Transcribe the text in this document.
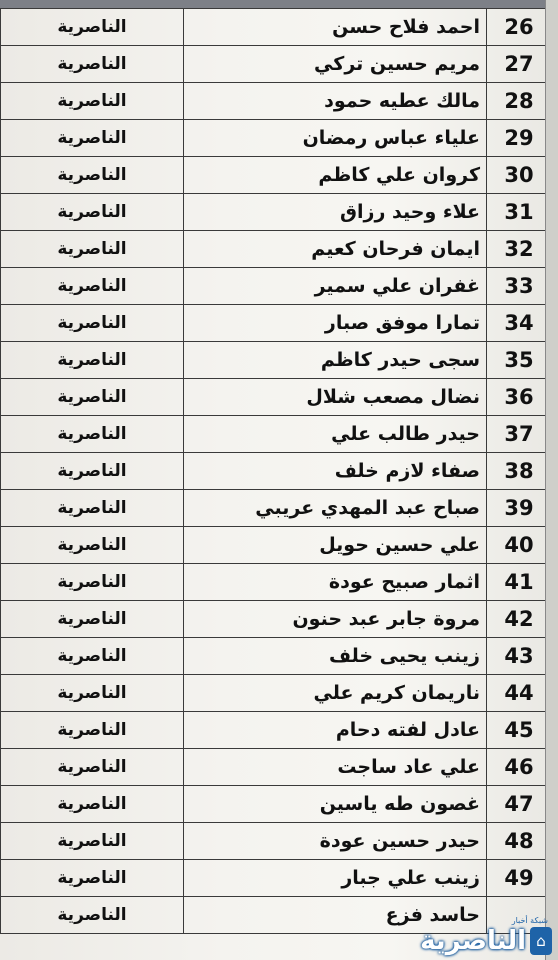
26	احمد فلاح حسن	الناصرية
27	مريم حسين تركي	الناصرية
28	مالك عطيه حمود	الناصرية
29	علياء عباس رمضان	الناصرية
30	كروان علي كاظم	الناصرية
31	علاء وحيد رزاق	الناصرية
32	ايمان فرحان كعيم	الناصرية
33	غفران علي سمير	الناصرية
34	تمارا موفق صبار	الناصرية
35	سجى حيدر كاظم	الناصرية
36	نضال مصعب شلال	الناصرية
37	حيدر طالب علي	الناصرية
38	صفاء لازم خلف	الناصرية
39	صباح عبد المهدي عريبي	الناصرية
40	علي حسين حويل	الناصرية
41	اثمار صبيح عودة	الناصرية
42	مروة جابر عبد حنون	الناصرية
43	زينب يحيى خلف	الناصرية
44	ناريمان كريم علي	الناصرية
45	عادل لفته دحام	الناصرية
46	علي عاد ساجت	الناصرية
47	غصون طه ياسين	الناصرية
48	حيدر حسين عودة	الناصرية
49	زينب علي جبار	الناصرية
	حاسد فزع	الناصرية	شبكة أخبار
⌂
الناصرية
